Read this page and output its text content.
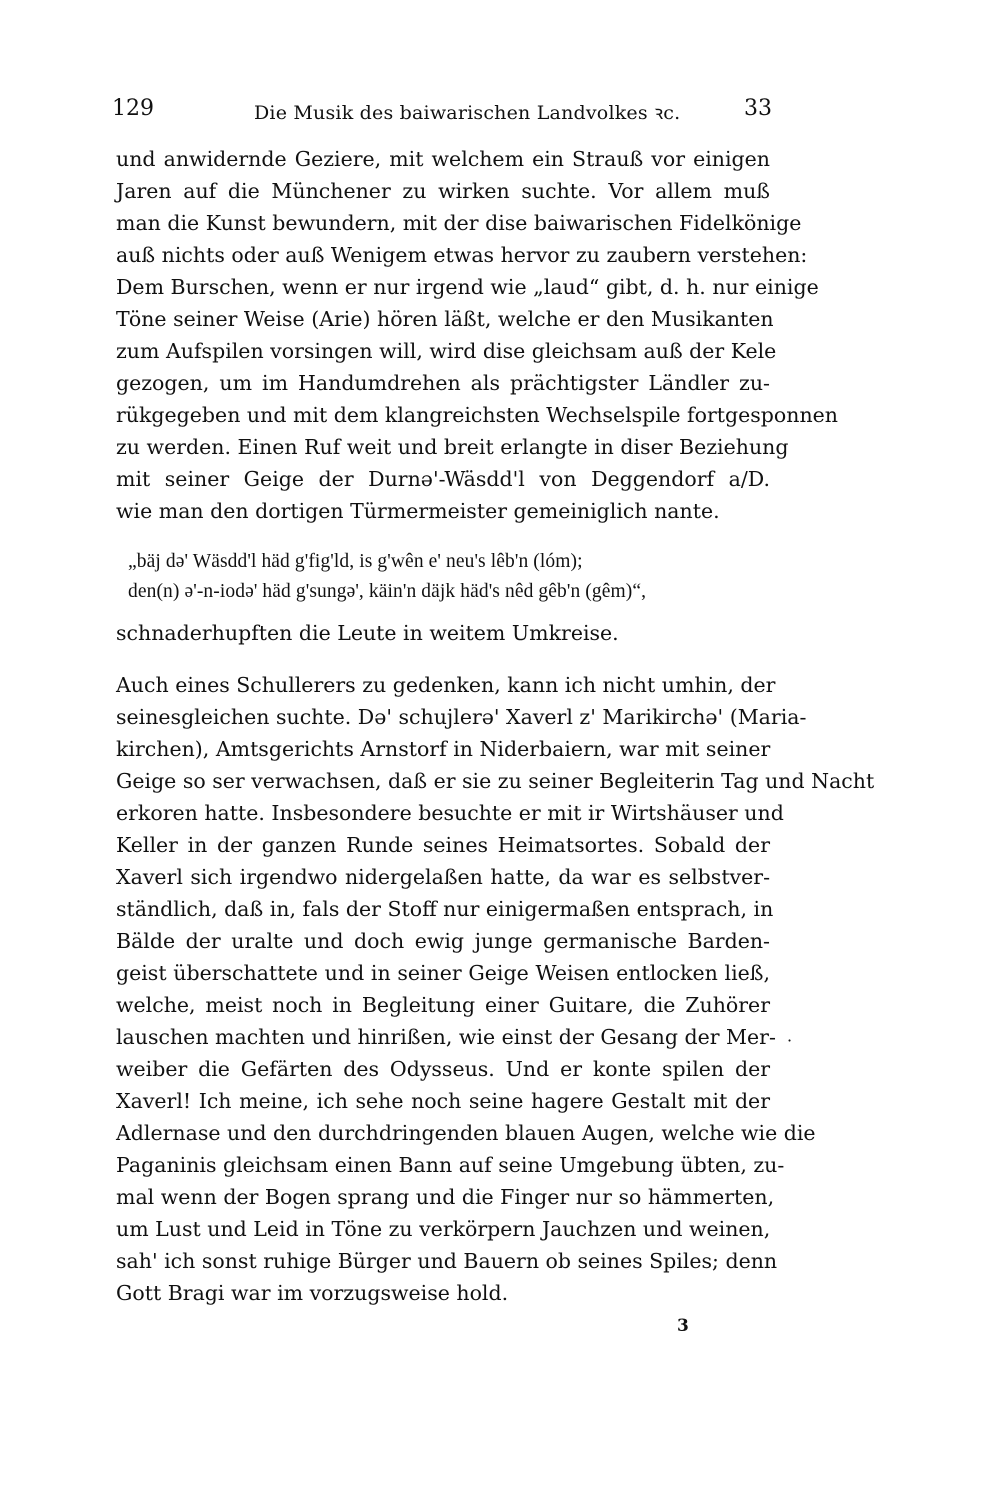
129	Die Musik des baiwarischen Landvolkes ꝛc.	33
und anwidernde Geziere, mit welchem ein Strauß vor einigen
Jaren auf die Münchener zu wirken suchte. Vor allem muß
man die Kunst bewundern, mit der dise baiwarischen Fidelkönige
auß nichts oder auß Wenigem etwas hervor zu zaubern verstehen:
Dem Burschen, wenn er nur irgend wie „laud“ gibt, d. h. nur einige
Töne seiner Weise (Arie) hören läßt, welche er den Musikanten
zum Aufspilen vorsingen will, wird dise gleichsam auß der Kele
gezogen, um im Handumdrehen als prächtigster Ländler zu-
rükgegeben und mit dem klangreichsten Wechselspile fortgesponnen
zu werden. Einen Ruf weit und breit erlangte in diser Beziehung
mit seiner Geige der Durnə'-Wäsdd'l von Deggendorf a/D.
wie man den dortigen Türmermeister gemeiniglich nante.
„bäj də' Wäsdd'l häd g'fig'ld, is g'wên e' neu's lêb'n (lóm);
den(n) ə'-n-iodə' häd g'sungə', käin'n däjk häd's nêd gêb'n (gêm)“,
schnaderhupften die Leute in weitem Umkreise.
Auch eines Schullerers zu gedenken, kann ich nicht umhin, der
seinesgleichen suchte. Də' schujlerə' Xaverl z' Marikirchə' (Maria-
kirchen), Amtsgerichts Arnstorf in Niderbaiern, war mit seiner
Geige so ser verwachsen, daß er sie zu seiner Begleiterin Tag und Nacht
erkoren hatte. Insbesondere besuchte er mit ir Wirtshäuser und
Keller in der ganzen Runde seines Heimatsortes. Sobald der
Xaverl sich irgendwo nidergelaßen hatte, da war es selbstver-
ständlich, daß in, fals der Stoff nur einigermaßen entsprach, in
Bälde der uralte und doch ewig junge germanische Barden-
geist überschattete und in seiner Geige Weisen entlocken ließ,
welche, meist noch in Begleitung einer Guitare, die Zuhörer
lauschen machten und hinrißen, wie einst der Gesang der Mer-
weiber die Gefärten des Odysseus. Und er konte spilen der
Xaverl! Ich meine, ich sehe noch seine hagere Gestalt mit der
Adlernase und den durchdringenden blauen Augen, welche wie die
Paganinis gleichsam einen Bann auf seine Umgebung übten, zu-
mal wenn der Bogen sprang und die Finger nur so hämmerten,
um Lust und Leid in Töne zu verkörpern Jauchzen und weinen,
sah' ich sonst ruhige Bürger und Bauern ob seines Spiles; denn
Gott Bragi war im vorzugsweise hold.
·
3
